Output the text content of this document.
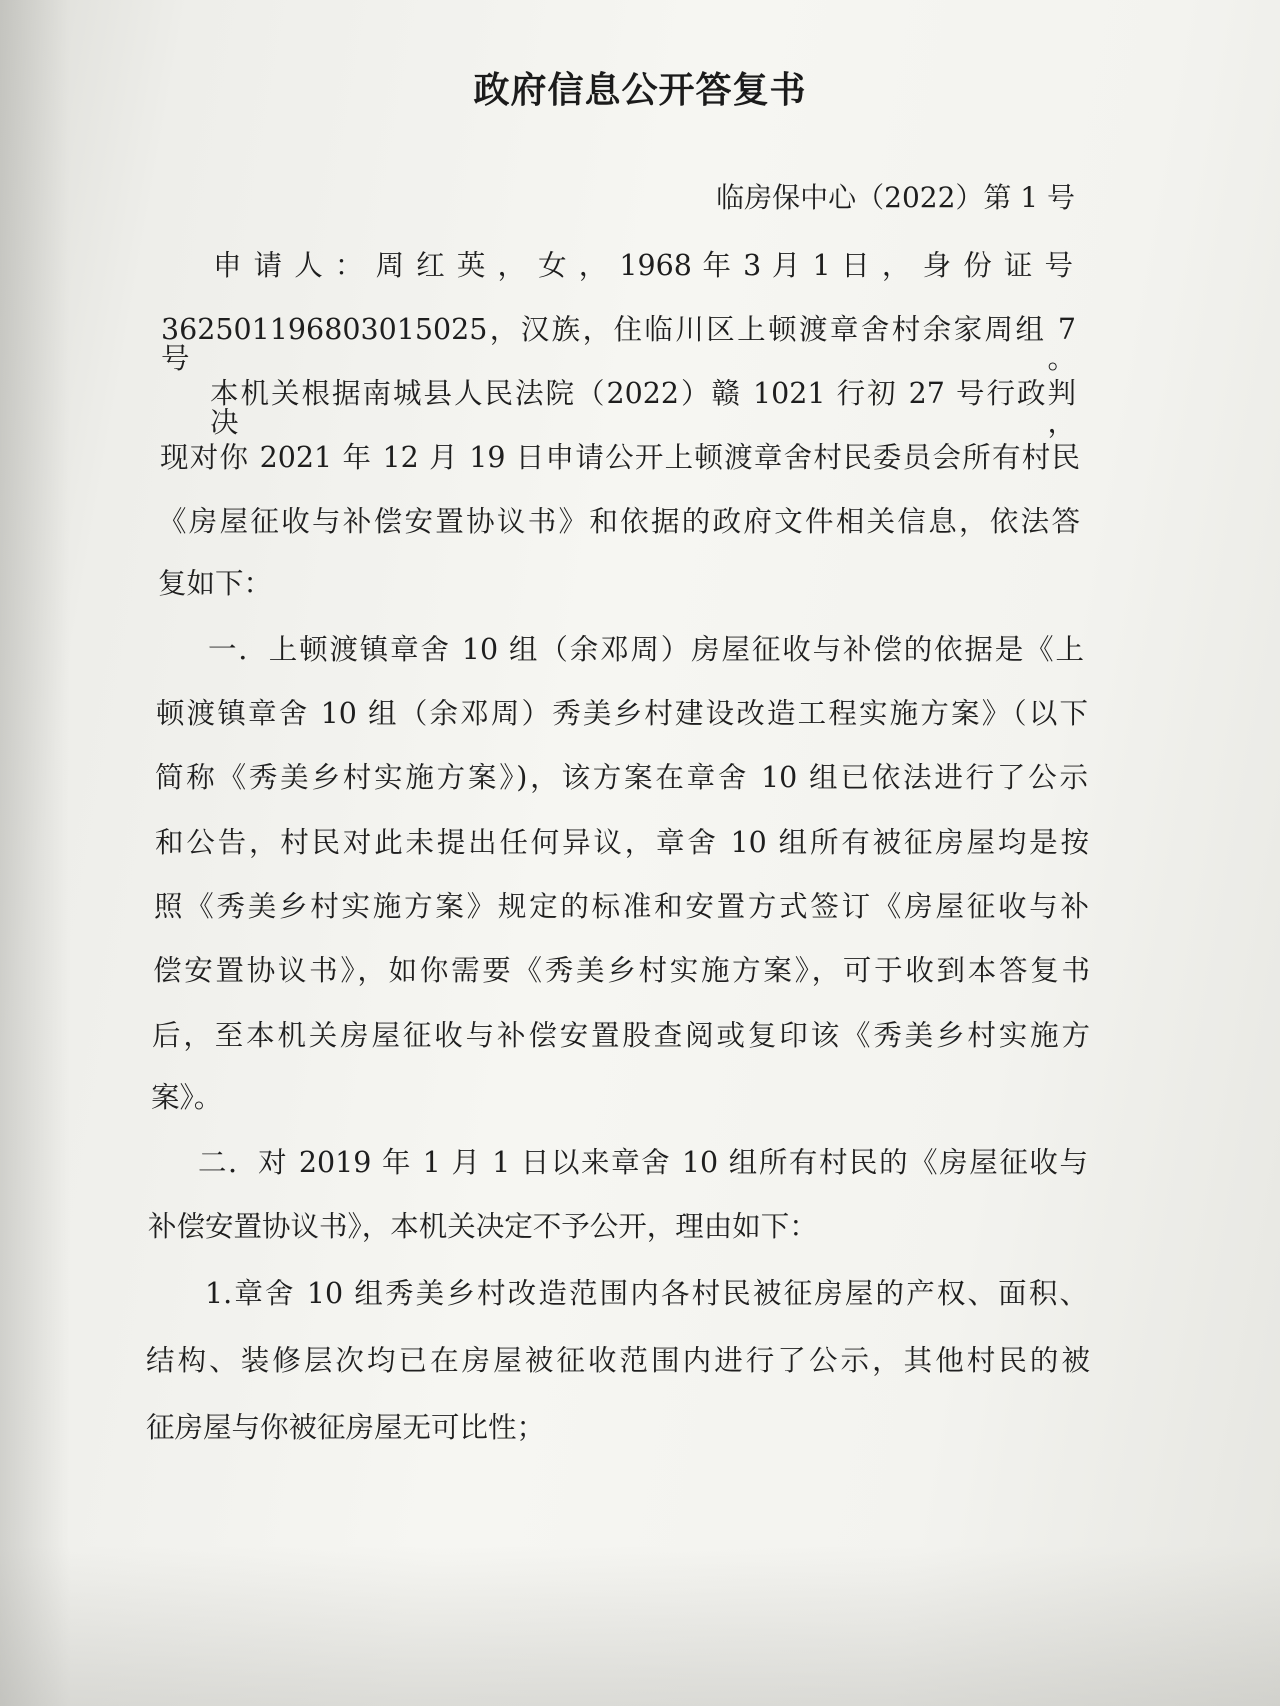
政府信息公开答复书
临房保中心（2022）第 1 号
申 请 人 ： 周 红 英 ， 女 ， 1968 年 3 月 1 日 ， 身 份 证 号
362501196803015025，汉族，住临川区上顿渡章舍村余家周组 7 号。
本机关根据南城县人民法院（2022）赣 1021 行初 27 号行政判决，
现对你 2021 年 12 月 19 日申请公开上顿渡章舍村民委员会所有村民
《房屋征收与补偿安置协议书》和依据的政府文件相关信息，依法答
复如下：
一．上顿渡镇章舍 10 组（余邓周）房屋征收与补偿的依据是《上
顿渡镇章舍 10 组（余邓周）秀美乡村建设改造工程实施方案》（以下
简称《秀美乡村实施方案》)，该方案在章舍 10 组已依法进行了公示
和公告，村民对此未提出任何异议，章舍 10 组所有被征房屋均是按
照《秀美乡村实施方案》规定的标准和安置方式签订《房屋征收与补
偿安置协议书》，如你需要《秀美乡村实施方案》，可于收到本答复书
后，至本机关房屋征收与补偿安置股查阅或复印该《秀美乡村实施方
案》。
二．对 2019 年 1 月 1 日以来章舍 10 组所有村民的《房屋征收与
补偿安置协议书》，本机关决定不予公开，理由如下：
1.章舍 10 组秀美乡村改造范围内各村民被征房屋的产权、面积、
结构、装修层次均已在房屋被征收范围内进行了公示，其他村民的被
征房屋与你被征房屋无可比性；
